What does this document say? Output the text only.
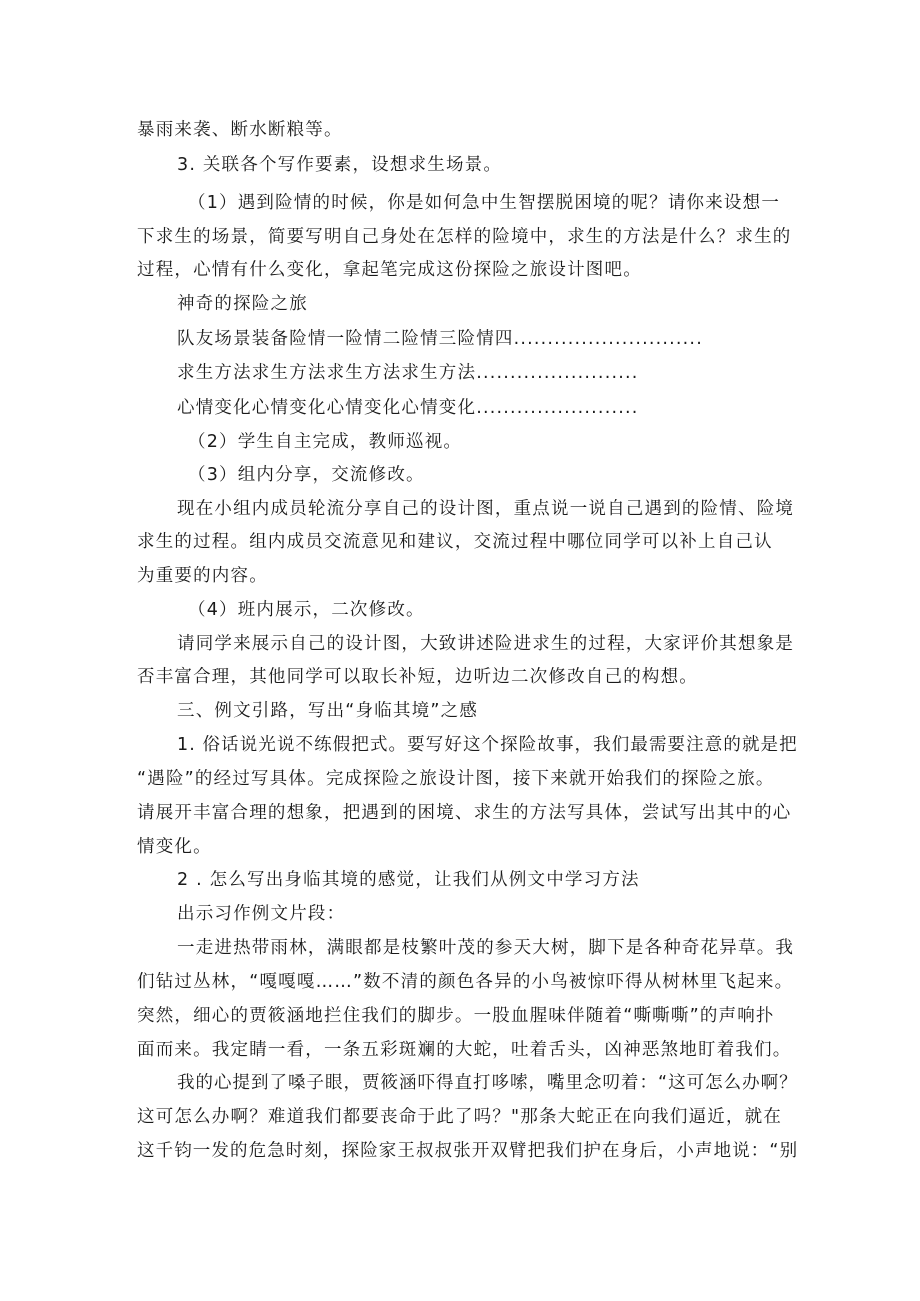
暴雨来袭、断水断粮等。
3. 关联各个写作要素，设想求生场景。
（1）遇到险情的时候，你是如何急中生智摆脱困境的呢？请你来设想一
下求生的场景，简要写明自己身处在怎样的险境中，求生的方法是什么？求生的
过程，心情有什么变化，拿起笔完成这份探险之旅设计图吧。
神奇的探险之旅
队友场景装备险情一险情二险情三险情四............................
求生方法求生方法求生方法求生方法........................
心情变化心情变化心情变化心情变化........................
（2）学生自主完成，教师巡视。
（3）组内分享，交流修改。
现在小组内成员轮流分享自己的设计图，重点说一说自己遇到的险情、险境
求生的过程。组内成员交流意见和建议，交流过程中哪位同学可以补上自己认
为重要的内容。
（4）班内展示，二次修改。
请同学来展示自己的设计图，大致讲述险进求生的过程，大家评价其想象是
否丰富合理，其他同学可以取长补短，边听边二次修改自己的构想。
三、例文引路，写出“身临其境”之感
1. 俗话说光说不练假把式。要写好这个探险故事，我们最需要注意的就是把
“遇险”的经过写具体。完成探险之旅设计图，接下来就开始我们的探险之旅。
请展开丰富合理的想象，把遇到的困境、求生的方法写具体，尝试写出其中的心
情变化。
2 . 怎么写出身临其境的感觉，让我们从例文中学习方法
出示习作例文片段：
一走进热带雨林，满眼都是枝繁叶茂的参天大树，脚下是各种奇花异草。我
们钻过丛林，“嘎嘎嘎……”数不清的颜色各异的小鸟被惊吓得从树林里飞起来。
突然，细心的贾筱涵地拦住我们的脚步。一股血腥味伴随着“嘶嘶嘶”的声响扑
面而来。我定睛一看，一条五彩斑斓的大蛇，吐着舌头，凶神恶煞地盯着我们。
我的心提到了嗓子眼，贾筱涵吓得直打哆嗦，嘴里念叨着：“这可怎么办啊？
这可怎么办啊？难道我们都要丧命于此了吗？"那条大蛇正在向我们逼近，就在
这千钧一发的危急时刻，探险家王叔叔张开双臂把我们护在身后，小声地说：“别
